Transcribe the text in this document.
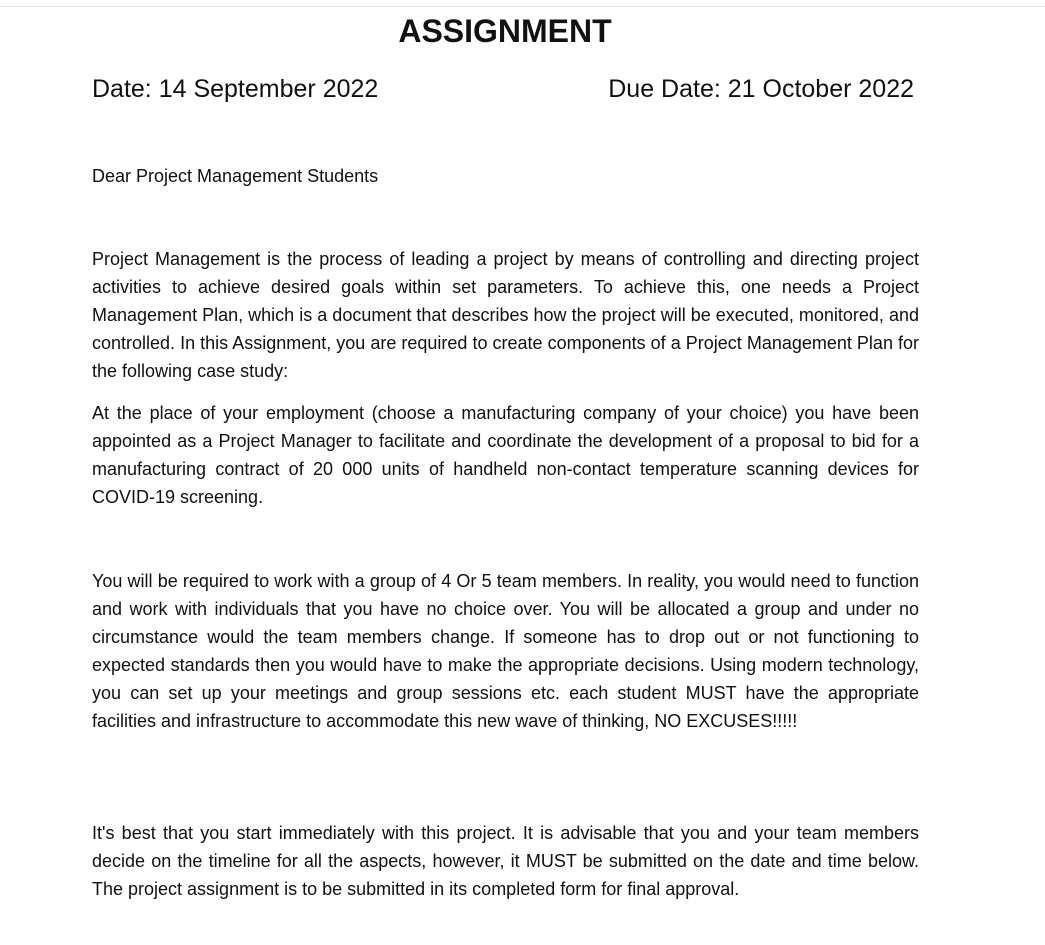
ASSIGNMENT
Date: 14 September 2022	Due Date: 21 October 2022
Dear Project Management Students

Project Management is the process of leading a project by means of controlling and directing project activities to achieve desired goals within set parameters. To achieve this, one needs a Project Management Plan, which is a document that describes how the project will be executed, monitored, and controlled. In this Assignment, you are required to create components of a Project Management Plan for the following case study:

At the place of your employment (choose a manufacturing company of your choice) you have been appointed as a Project Manager to facilitate and coordinate the development of a proposal to bid for a manufacturing contract of 20 000 units of handheld non-contact temperature scanning devices for COVID-19 screening.

You will be required to work with a group of 4 Or 5 team members. In reality, you would need to function and work with individuals that you have no choice over. You will be allocated a group and under no circumstance would the team members change. If someone has to drop out or not functioning to expected standards then you would have to make the appropriate decisions. Using modern technology, you can set up your meetings and group sessions etc. each student MUST have the appropriate facilities and infrastructure to accommodate this new wave of thinking, NO EXCUSES!!!!!

It's best that you start immediately with this project. It is advisable that you and your team members decide on the timeline for all the aspects, however, it MUST be submitted on the date and time below. The project assignment is to be submitted in its completed form for final approval.
